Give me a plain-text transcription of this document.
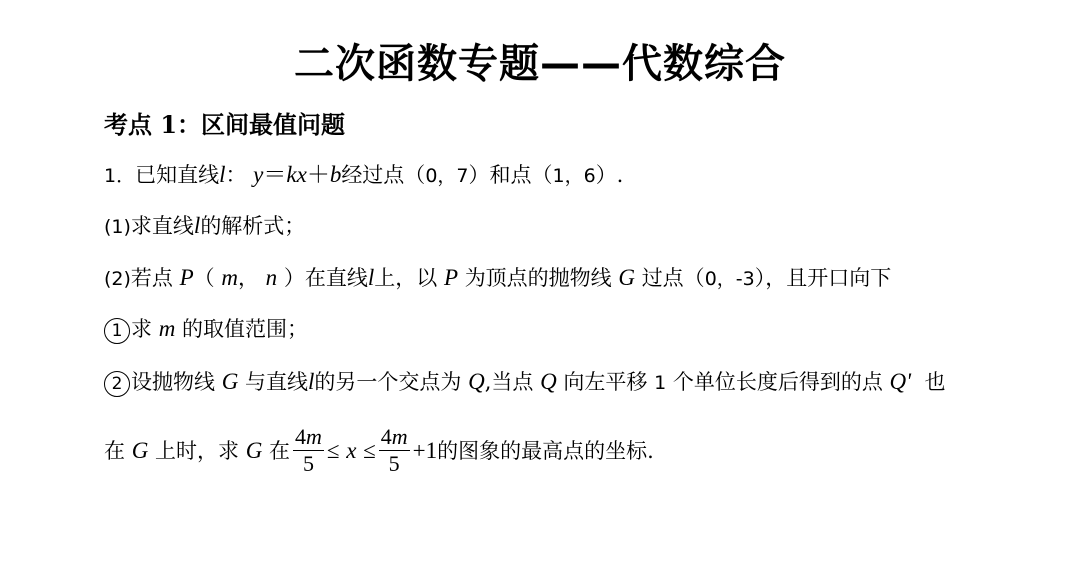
二次函数专题——代数综合
考点 1：区间最值问题
1．已知直线l： y＝kx＋b经过点（0，7）和点（1，6）.
(1)求直线l的解析式；
(2)若点 P（ m， n ）在直线l上，以 P 为顶点的抛物线 G 过点（0，-3），且开口向下
1 求 m 的取值范围；
2 设抛物线 G 与直线l的另一个交点为 Q,当点 Q 向左平移 1 个单位长度后得到的点 Q' 也
在 G 上时，求 G 在 $\frac{4m}{5} \le x \le \frac{4m}{5} +1$的图象的最高点的坐标.
